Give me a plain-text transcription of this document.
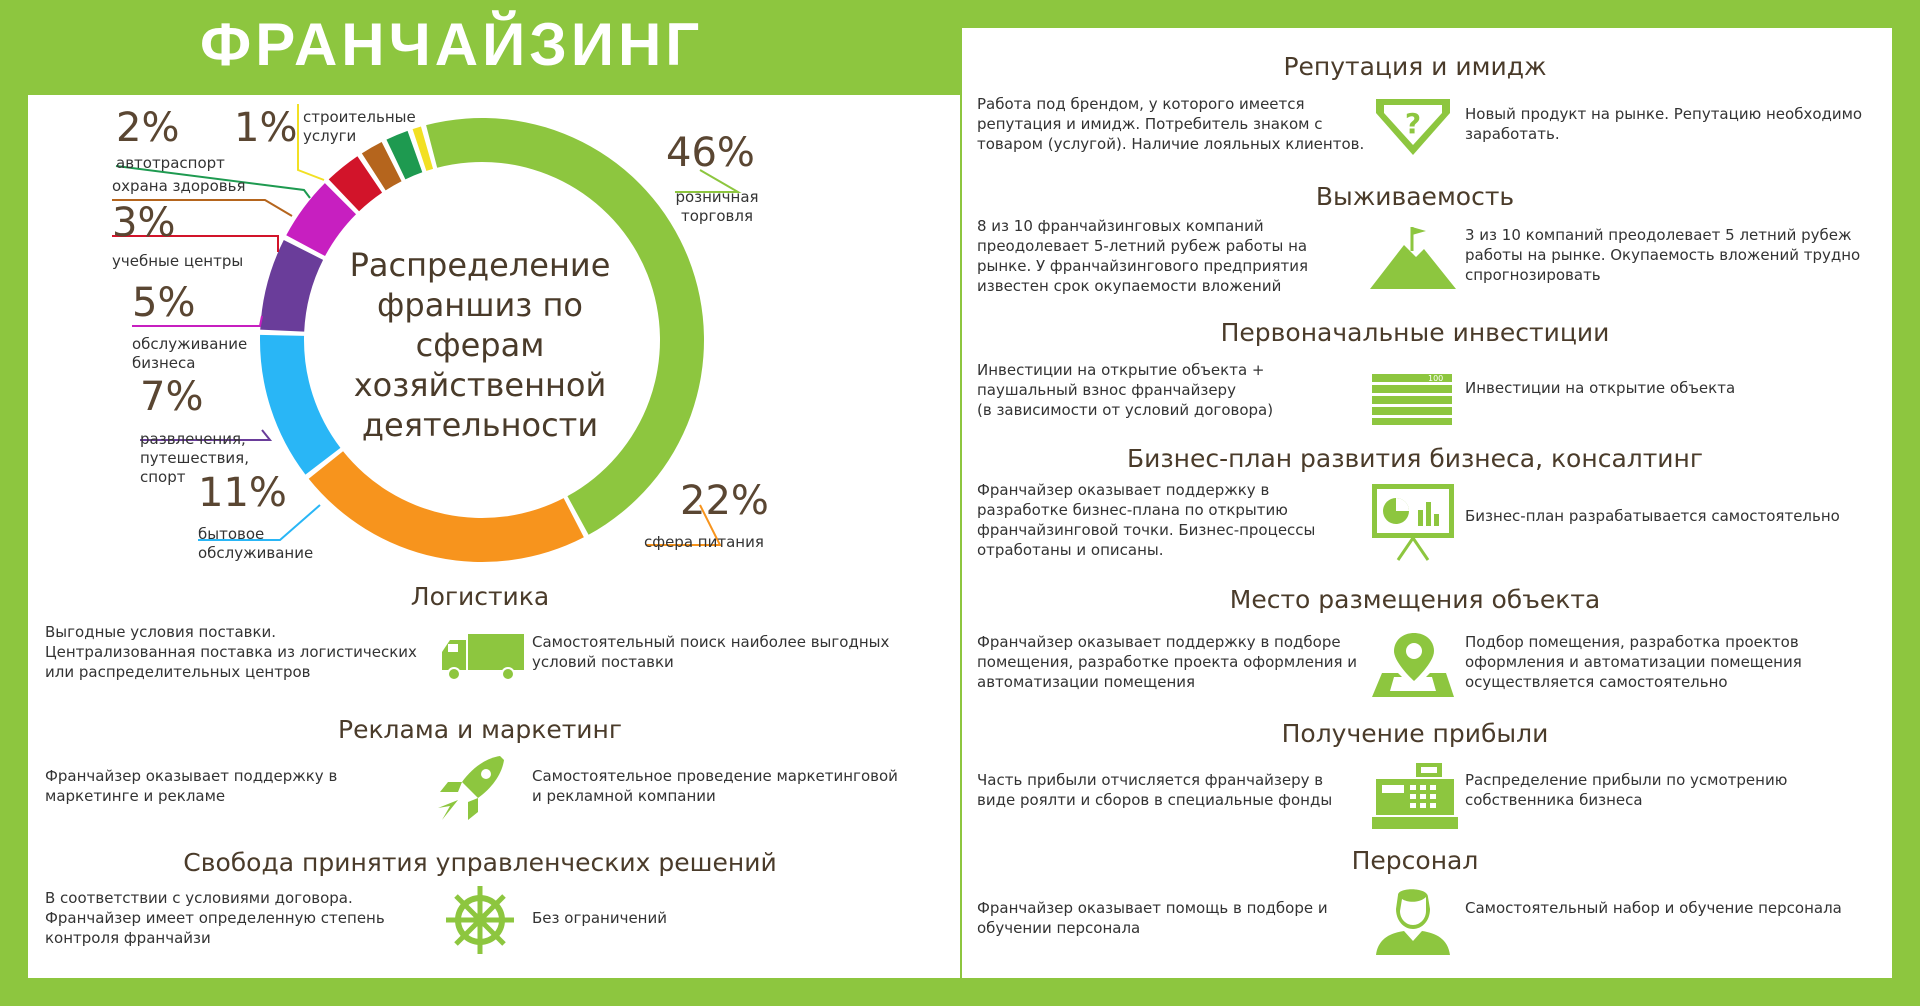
ФРАНЧАЙЗИНГ
Распределение
франшиз по
сферам
хозяйственной
деятельности
46%
розничная
торговля
22%
сфера питания
11%
бытовое
обслуживание
7%
развлечения,
путешествия,
спорт
5%
обслуживание
бизнеса
3%
учебные центры
охрана здоровья
2%
автотраспорт
1% строительные
услуги
Логистика
Выгодные условия поставки.
Централизованная поставка из логистических
или распределительных центров
Самостоятельный поиск наиболее выгодных
условий поставки
Реклама и маркетинг
Франчайзер оказывает поддержку в
маркетинге и рекламе
Самостоятельное проведение маркетинговой
и рекламной компании
Свобода принятия управленческих решений
В соответствии с условиями договора.
Франчайзер имеет определенную степень
контроля франчайзи
Без ограничений
Репутация и имидж
Работа под брендом, у которого имеется
репутация и имидж. Потребитель знаком с
товаром (услугой). Наличие лояльных клиентов.
?	Новый продукт на рынке. Репутацию необходимо
заработать.
Выживаемость
8 из 10 франчайзинговых компаний
преодолевает 5-летний рубеж работы на
рынке. У франчайзингового предприятия
известен срок окупаемости вложений
3 из 10 компаний преодолевает 5 летний рубеж
работы на рынке. Окупаемость вложений трудно
спрогнозировать
Первоначальные инвестиции
Инвестиции на открытие объекта +
паушальный взнос франчайзеру
(в зависимости от условий договора)
100
Инвестиции на открытие объекта
Бизнес-план развития бизнеса, консалтинг
Франчайзер оказывает поддержку в
разработке бизнес-плана по открытию
франчайзинговой точки. Бизнес-процессы
отработаны и описаны.
Бизнес-план разрабатывается самостоятельно
Место размещения объекта
Франчайзер оказывает поддержку в подборе
помещения, разработке проекта оформления и
автоматизации помещения
Подбор помещения, разработка проектов
оформления и автоматизации помещения
осуществляется самостоятельно
Получение прибыли
Часть прибыли отчисляется франчайзеру в
виде роялти и сборов в специальные фонды
Распределение прибыли по усмотрению
собственника бизнеса
Персонал
Франчайзер оказывает помощь в подборе и
обучении персонала
Самостоятельный набор и обучение персонала
